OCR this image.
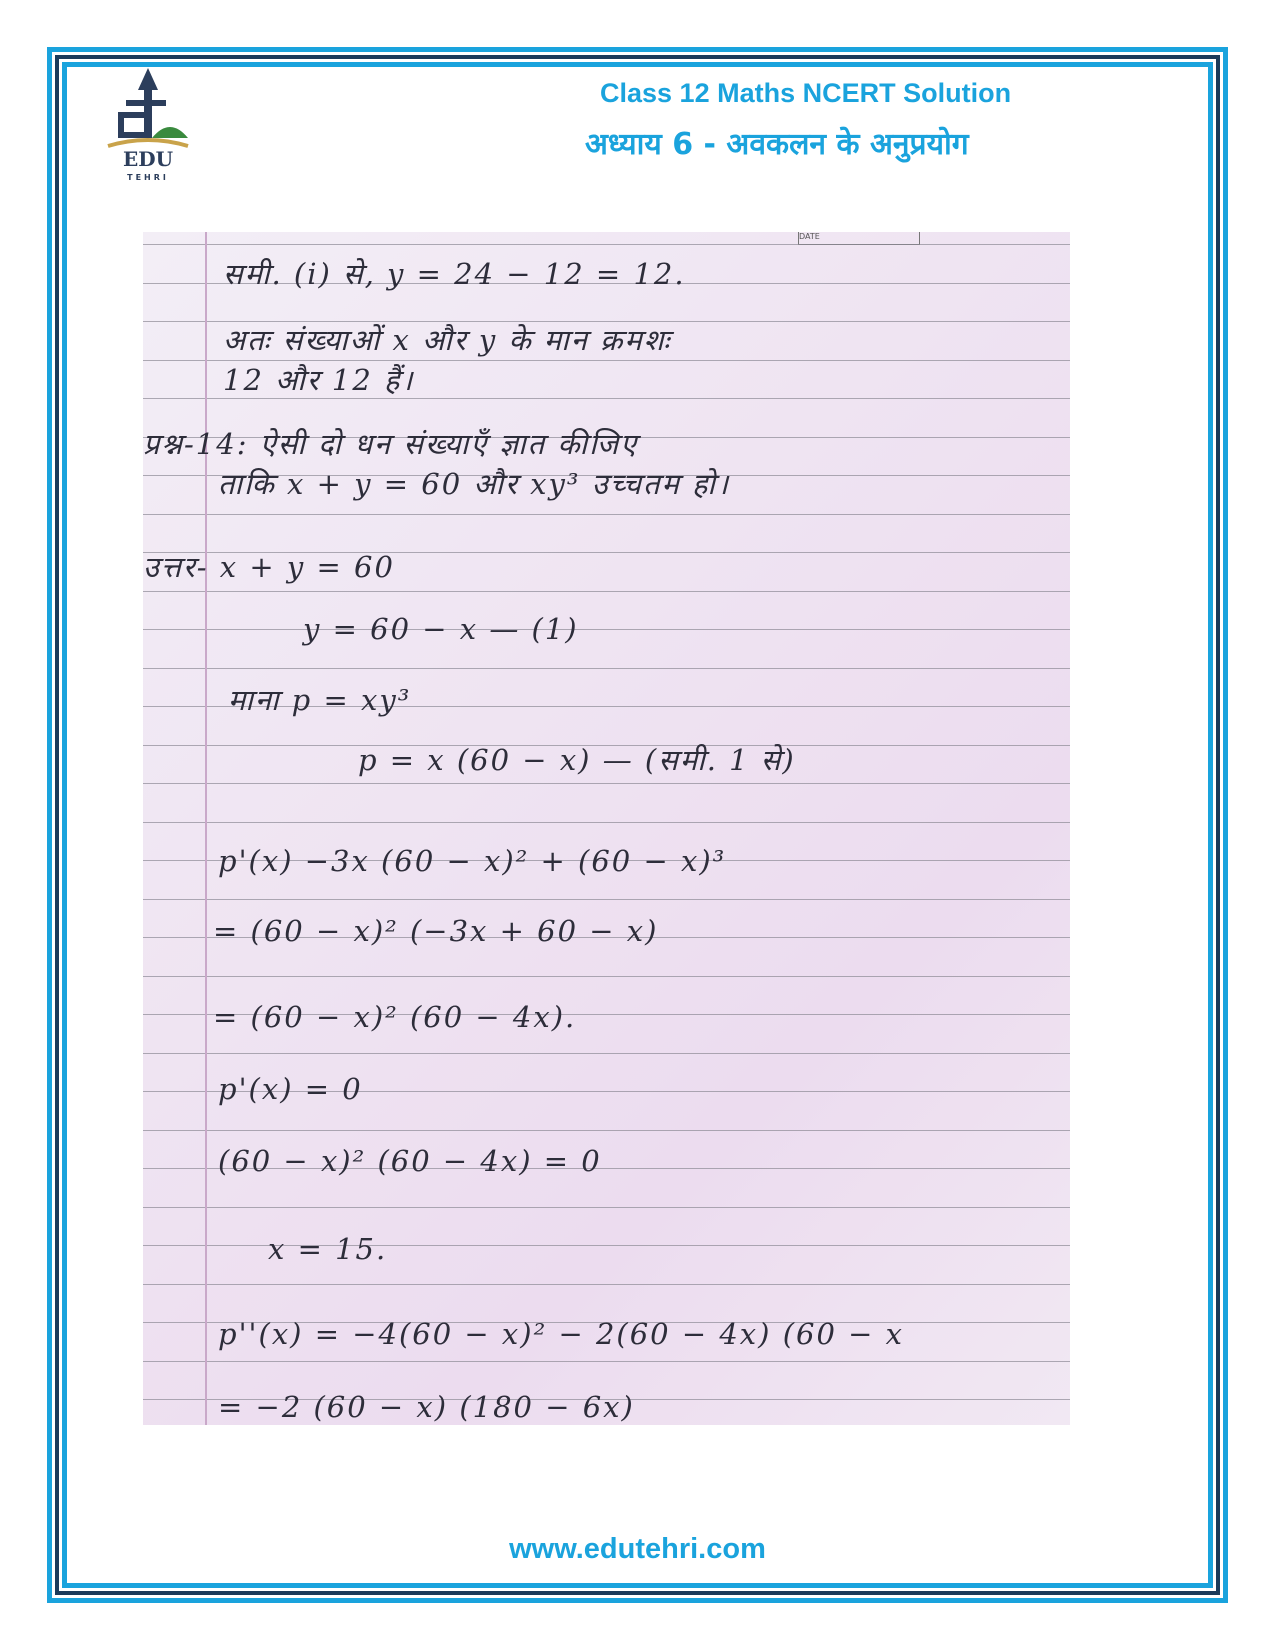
EDU
TEHRI
Class 12 Maths NCERT Solution
अध्याय 6 - अवकलन के अनुप्रयोग
DATE
समी. (i) से, y = 24 − 12 = 12.
अतः संख्याओं x और y के मान क्रमशः
12 और 12 हैं।
प्रश्न-14: ऐसी दो धन संख्याएँ ज्ञात कीजिए
ताकि x + y = 60 और xy³ उच्चतम हो।
उत्तर- x + y = 60
y = 60 − x — (1)
माना p = xy³
p = x (60 − x) — (समी. 1 से)
p'(x) −3x (60 − x)² + (60 − x)³
= (60 − x)² (−3x + 60 − x)
= (60 − x)² (60 − 4x).
p'(x) = 0
(60 − x)² (60 − 4x) = 0
x = 15.
p''(x) = −4(60 − x)² − 2(60 − 4x) (60 − x
= −2 (60 − x) (180 − 6x)
www.edutehri.com
